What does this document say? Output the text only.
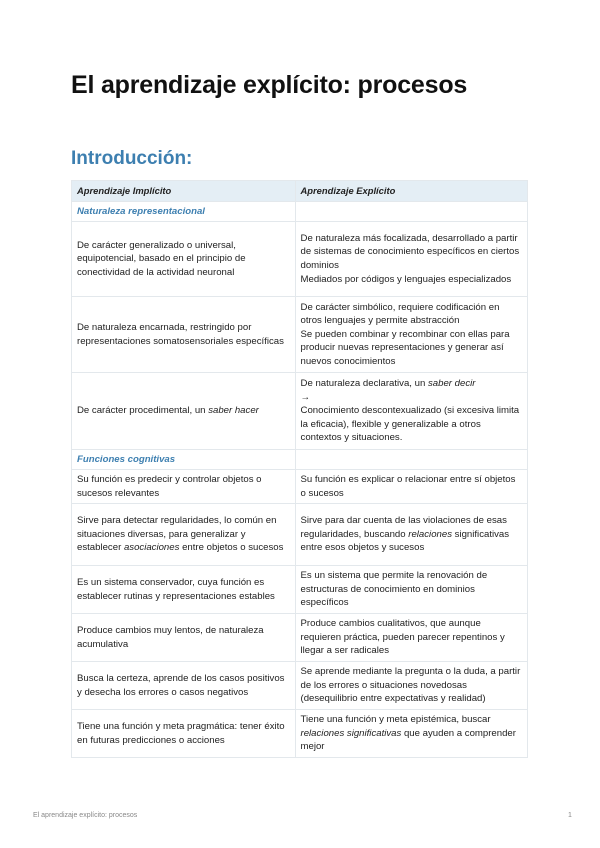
El aprendizaje explícito: procesos
Introducción:
Aprendizaje Implícito	Aprendizaje Explícito
Naturaleza representacional	
De carácter generalizado o universal, equipotencial, basado en el principio de conectividad de la actividad neuronal	De naturaleza más focalizada, desarrollado a partir de sistemas de conocimiento específicos en ciertos dominios

Mediados por códigos y lenguajes especializados

De naturaleza encarnada, restringido por representaciones somatosensoriales específicas	De carácter simbólico, requiere codificación en otros lenguajes y permite abstracción

Se pueden combinar y recombinar con ellas para producir nuevas representaciones y generar así nuevos conocimientos

De carácter procedimental, un saber hacer	De naturaleza declarativa, un saber decir

→

Conocimiento descontexualizado (si excesiva limita la eficacia), flexible y generalizable a otros contextos y situaciones.

Funciones cognitivas	
Su función es predecir y controlar objetos o sucesos relevantes	Su función es explicar o relacionar entre sí objetos o sucesos
Sirve para detectar regularidades, lo común en situaciones diversas, para generalizar y establecer asociaciones entre objetos o sucesos	Sirve para dar cuenta de las violaciones de esas regularidades, buscando relaciones significativas entre esos objetos y sucesos
Es un sistema conservador, cuya función es establecer rutinas y representaciones estables	Es un sistema que permite la renovación de estructuras de conocimiento en dominios específicos
Produce cambios muy lentos, de naturaleza acumulativa	Produce cambios cualitativos, que aunque requieren práctica, pueden parecer repentinos y llegar a ser radicales
Busca la certeza, aprende de los casos positivos y desecha los errores o casos negativos	Se aprende mediante la pregunta o la duda, a partir de los errores o situaciones novedosas (desequilibrio entre expectativas y realidad)
Tiene una función y meta pragmática: tener éxito en futuras predicciones o acciones	Tiene una función y meta epistémica, buscar relaciones significativas que ayuden a comprender mejor
El aprendizaje explícito: procesos	1
